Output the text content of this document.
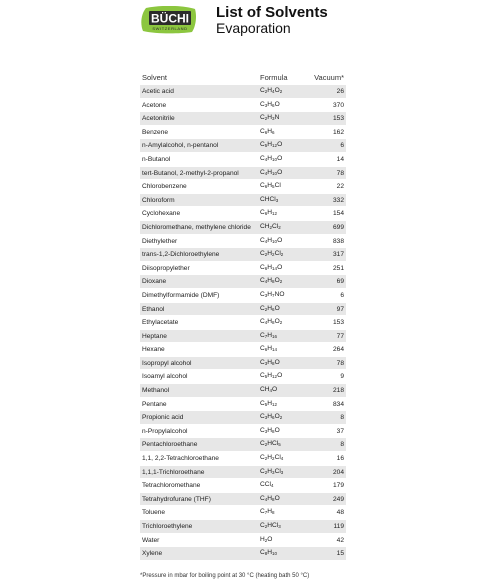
BÜCHI
SWITZERLAND
List of Solvents
Evaporation
Solvent	Formula	Vacuum*
Acetic acid	$C_2H_4O_2$	26
Acetone	$C_3H_6O$	370
Acetonitrile	$C_2H_3N$	153
Benzene	$C_6H_6$	162
n-Amylalcohol, n-pentanol	$C_5H_{12}O$	6
n-Butanol	$C_4H_{10}O$	14
tert-Butanol, 2-methyl-2-propanol	$C_4H_{10}O$	78
Chlorobenzene	$C_6H_5Cl$	22
Chloroform	CHCl$_3$	332
Cyclohexane	$C_6H_{12}$	154
Dichloromethane, methylene chloride $CH_2Cl_2$	699
Diethylether	$C_4H_{10}O$	838
trans-1,2-Dichloroethylene	$C_2H_2Cl_2$	317
Diisopropylether	$C_6H_{14}O$	251
Dioxane	$C_4H_8O_2$	69
Dimethylformamide (DMF)	$C_3H_7NO$	6
Ethanol	$C_2H_6O$	97
Ethylacetate	$C_4H_8O_2$	153
Heptane	$C_7H_{16}$	77
Hexane	$C_6H_{14}$	264
Isopropyl alcohol	$C_3H_8O$	78
Isoamyl alcohol	$C_5H_{12}O$	9
Methanol	$CH_4O$	218
Pentane	$C_5H_{12}$	834
Propionic acid	$C_3H_6O_2$	8
n-Propylalcohol	$C_3H_8O$	37
Pentachloroethane	$C_2HCl_5$	8
1,1, 2,2-Tetrachloroethane	$C_2H_2Cl_4$	16
1,1,1-Trichloroethane	$C_2H_3Cl_3$	204
Tetrachloromethane	CCl$_4$	179
Tetrahydrofurane (THF)	$C_4H_8O$	249
Toluene	$C_7H_8$	48
Trichloroethylene	$C_2HCl_3$	119
Water	$H_2O$	42
Xylene	$C_8H_{10}$	15
*Pressure in mbar for boiling point at 30 °C (heating bath 50 °C)
